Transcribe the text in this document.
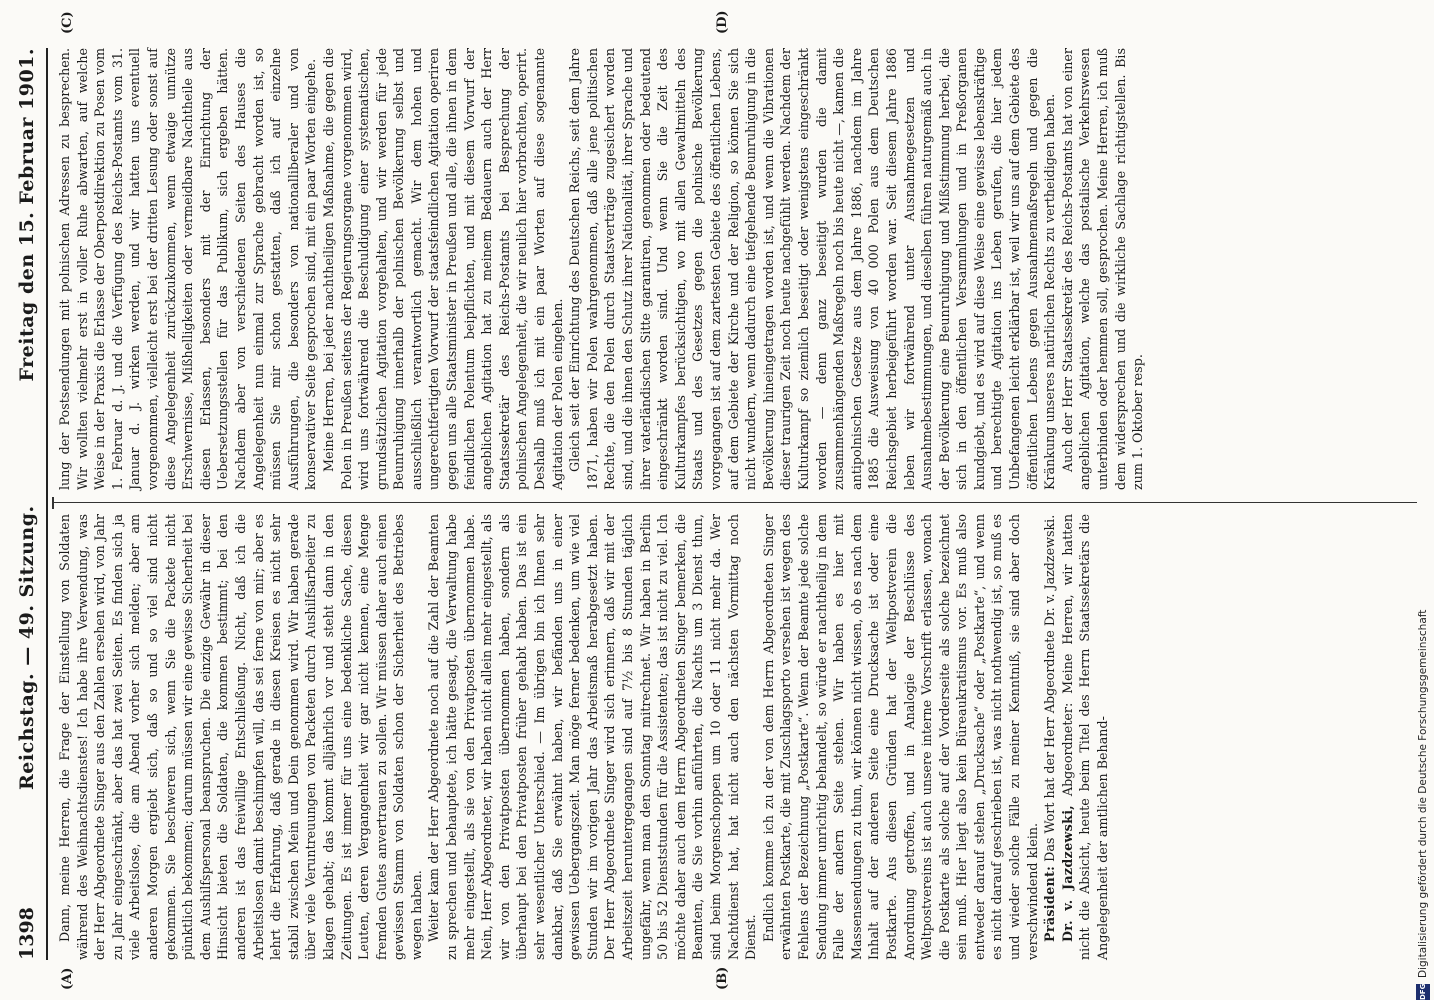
1398
Reichstag. — 49. Sitzung.
Freitag den 15. Februar 1901.
(A)	(B)
(C)	(D)

Dann, meine Herren, die Frage der Einstellung von Soldaten während des Weihnachtsdienstes! Ich habe ihre Verwendung, was der Herr Abgeordnete Singer aus den Zahlen ersehen wird, von Jahr zu Jahr eingeschränkt, aber das hat zwei Seiten. Es finden sich ja viele Arbeitslose, die am Abend vorher sich melden; aber am anderen Morgen ergiebt sich, daß so und so viel sind nicht gekommen. Sie beschweren sich, wenn Sie die Packete nicht pünktlich bekommen; darum müssen wir eine gewisse Sicherheit bei dem Aushilfspersonal beanspruchen. Die einzige Gewähr in dieser Hinsicht bieten die Soldaten, die kommen bestimmt; bei den anderen ist das freiwillige Entschließung. Nicht, daß ich die Arbeitslosen damit beschimpfen will, das sei ferne von mir; aber es lehrt die Erfahrung, daß gerade in diesen Kreisen es nicht sehr stabil zwischen Mein und Dein genommen wird. Wir haben gerade über viele Veruntreuungen von Packeten durch Aushilfsarbeiter zu klagen gehabt; das kommt alljährlich vor und steht dann in den Zeitungen. Es ist immer für uns eine bedenkliche Sache, diesen Leuten, deren Vergangenheit wir gar nicht kennen, eine Menge fremden Gutes anvertrauen zu sollen. Wir müssen daher auch einen gewissen Stamm von Soldaten schon der Sicherheit des Betriebes wegen haben. Weiter kam der Herr Abgeordnete noch auf die Zahl der Beamten zu sprechen und behauptete, ich hätte gesagt, die Verwaltung habe mehr eingestellt, als sie von den Privatposten übernommen habe. Nein, Herr Abgeordneter, wir haben nicht allein mehr eingestellt, als wir von den Privatposten übernommen haben, sondern als überhaupt bei den Privatposten früher gehabt haben. Das ist ein sehr wesentlicher Unterschied. — Im übrigen bin ich Ihnen sehr dankbar, daß Sie erwähnt haben, wir befänden uns in einer gewissen Uebergangszeit. Man möge ferner bedenken, um wie viel Stunden wir im vorigen Jahr das Arbeitsmaß herabgesetzt haben. Der Herr Abgeordnete Singer wird sich erinnern, daß wir mit der Arbeitszeit heruntergegangen sind auf 7½ bis 8 Stunden täglich ungefähr, wenn man den Sonntag mitrechnet. Wir haben in Berlin 50 bis 52 Dienststunden für die Assistenten; das ist nicht zu viel. Ich möchte daher auch dem Herrn Abgeordneten Singer bemerken, die Beamten, die Sie vorhin anführten, die Nachts um 3 Dienst thun, sind beim Morgenschoppen um 10 oder 11 nicht mehr da. Wer Nachtdienst hat, hat nicht auch den nächsten Vormittag noch Dienst. Endlich komme ich zu der von dem Herrn Abgeordneten Singer erwähnten Postkarte, die mit Zuschlagsporto versehen ist wegen des Fehlens der Bezeichnung „Postkarte“. Wenn der Beamte jede solche Sendung immer unrichtig behandelt, so würde er nachtheilig in dem Falle der andern Seite stehen. Wir haben es hier mit Massensendungen zu thun, wir können nicht wissen, ob es nach dem Inhalt auf der anderen Seite eine Drucksache ist oder eine Postkarte. Aus diesen Gründen hat der Weltpostverein die Anordnung getroffen, und in Analogie der Beschlüsse des Weltpostvereins ist auch unsere interne Vorschrift erlassen, wonach die Postkarte als solche auf der Vorderseite als solche bezeichnet sein muß. Hier liegt also kein Büreaukratismus vor. Es muß also entweder darauf stehen „Drucksache“ oder „Postkarte“, und wenn es nicht darauf geschrieben ist, was nicht nothwendig ist, so muß es und wieder solche Fälle zu meiner Kenntniß, sie sind aber doch verschwindend klein. Präsident: Das Wort hat der Herr Abgeordnete Dr. v. Jazdzewski.

Dr. v. Jazdzewski, Abgeordneter: Meine Herren, wir hatten nicht die Absicht, heute beim Titel des Herrn Staatssekretärs die Angelegenheit der amtlichen Behand-

lung der Postsendungen mit polnischen Adressen zu besprechen. Wir wollten vielmehr erst in voller Ruhe abwarten, auf welche Weise in der Praxis die Erlasse der Oberpostdirektion zu Posen vom 1. Februar d. J. und die Verfügung des Reichs-Postamts vom 31. Januar d. J. wirken werden, und wir hatten uns eventuell vorgenommen, vielleicht erst bei der dritten Lesung oder sonst auf diese Angelegenheit zurückzukommen, wenn etwaige unnütze Erschwernisse, Mißhelligkeiten oder vermeidbare Nachtheile aus diesen Erlassen, besonders mit der Einrichtung der Uebersetzungsstellen für das Publikum, sich ergeben hätten. Nachdem aber von verschiedenen Seiten des Hauses die Angelegenheit nun einmal zur Sprache gebracht worden ist, so müssen Sie mir schon gestatten, daß ich auf einzelne Ausführungen, die besonders von nationalliberaler und von konservativer Seite gesprochen sind, mit ein paar Worten eingehe. Meine Herren, bei jeder nachtheiligen Maßnahme, die gegen die Polen in Preußen seitens der Regierungsorgane vorgenommen wird, wird uns fortwährend die Beschuldigung einer systematischen, grundsätzlichen Agitation vorgehalten, und wir werden für jede Beunruhigung innerhalb der polnischen Bevölkerung selbst und ausschließlich verantwortlich gemacht. Wir dem hohen und ungerechtfertigten Vorwurf der staatsfeindlichen Agitation operiren gegen uns alle Staatsminister in Preußen und alle, die ihnen in dem feindlichen Polentum beipflichten, und mit diesem Vorwurf der angeblichen Agitation hat zu meinem Bedauern auch der Herr Staatssekretär des Reichs-Postamts bei Besprechung der polnischen Angelegenheit, die wir neulich hier vorbrachten, operirt. Deshalb muß ich mit ein paar Worten auf diese sogenannte Agitation der Polen eingehen. Gleich seit der Einrichtung des Deutschen Reichs, seit dem Jahre 1871, haben wir Polen wahrgenommen, daß alle jene politischen Rechte, die den Polen durch Staatsverträge zugesichert worden sind, und die ihnen den Schutz ihrer Nationalität, ihrer Sprache und ihrer vaterländischen Sitte garantiren, genommen oder bedeutend eingeschränkt worden sind. Und wenn Sie die Zeit des Kulturkampfes berücksichtigen, wo mit allen Gewaltmitteln des Staats und des Gesetzes gegen die polnische Bevölkerung vorgegangen ist auf dem zartesten Gebiete des öffentlichen Lebens, auf dem Gebiete der Kirche und der Religion, so können Sie sich nicht wundern, wenn dadurch eine tiefgehende Beunruhigung in die Bevölkerung hineingetragen worden ist, und wenn die Vibrationen dieser traurigen Zeit noch heute nachgefühlt werden. Nachdem der Kulturkampf so ziemlich beseitigt oder wenigstens eingeschränkt worden — denn ganz beseitigt wurden die damit zusammenhängenden Maßregeln noch bis heute nicht —, kamen die antipolnischen Gesetze aus dem Jahre 1886, nachdem im Jahre 1885 die Ausweisung von 40 000 Polen aus dem Deutschen Reichsgebiet herbeigeführt worden war. Seit diesem Jahre 1886 leben wir fortwährend unter Ausnahmegesetzen und Ausnahmebestimmungen, und dieselben führen naturgemäß auch in der Bevölkerung eine Beunruhigung und Mißstimmung herbei, die sich in den öffentlichen Versammlungen und in Preßorganen kundgiebt, und es wird auf diese Weise eine gewisse lebenskräftige und berechtigte Agitation ins Leben gerufen, die hier jedem Unbefangenen leicht erklärbar ist, weil wir uns auf dem Gebiete des öffentlichen Lebens gegen Ausnahmemaßregeln und gegen die Kränkung unseres natürlichen Rechts zu vertheidigen haben. Auch der Herr Staatssekretär des Reichs-Postamts hat von einer angeblichen Agitation, welche das postalische Verkehrswesen unterbinden oder hemmen soll, gesprochen. Meine Herren, ich muß dem widersprechen und die wirkliche Sachlage richtigstellen. Bis zum 1. Oktober resp.

DFG
Digitalisierung gefördert durch die Deutsche Forschungsgemeinschaft
